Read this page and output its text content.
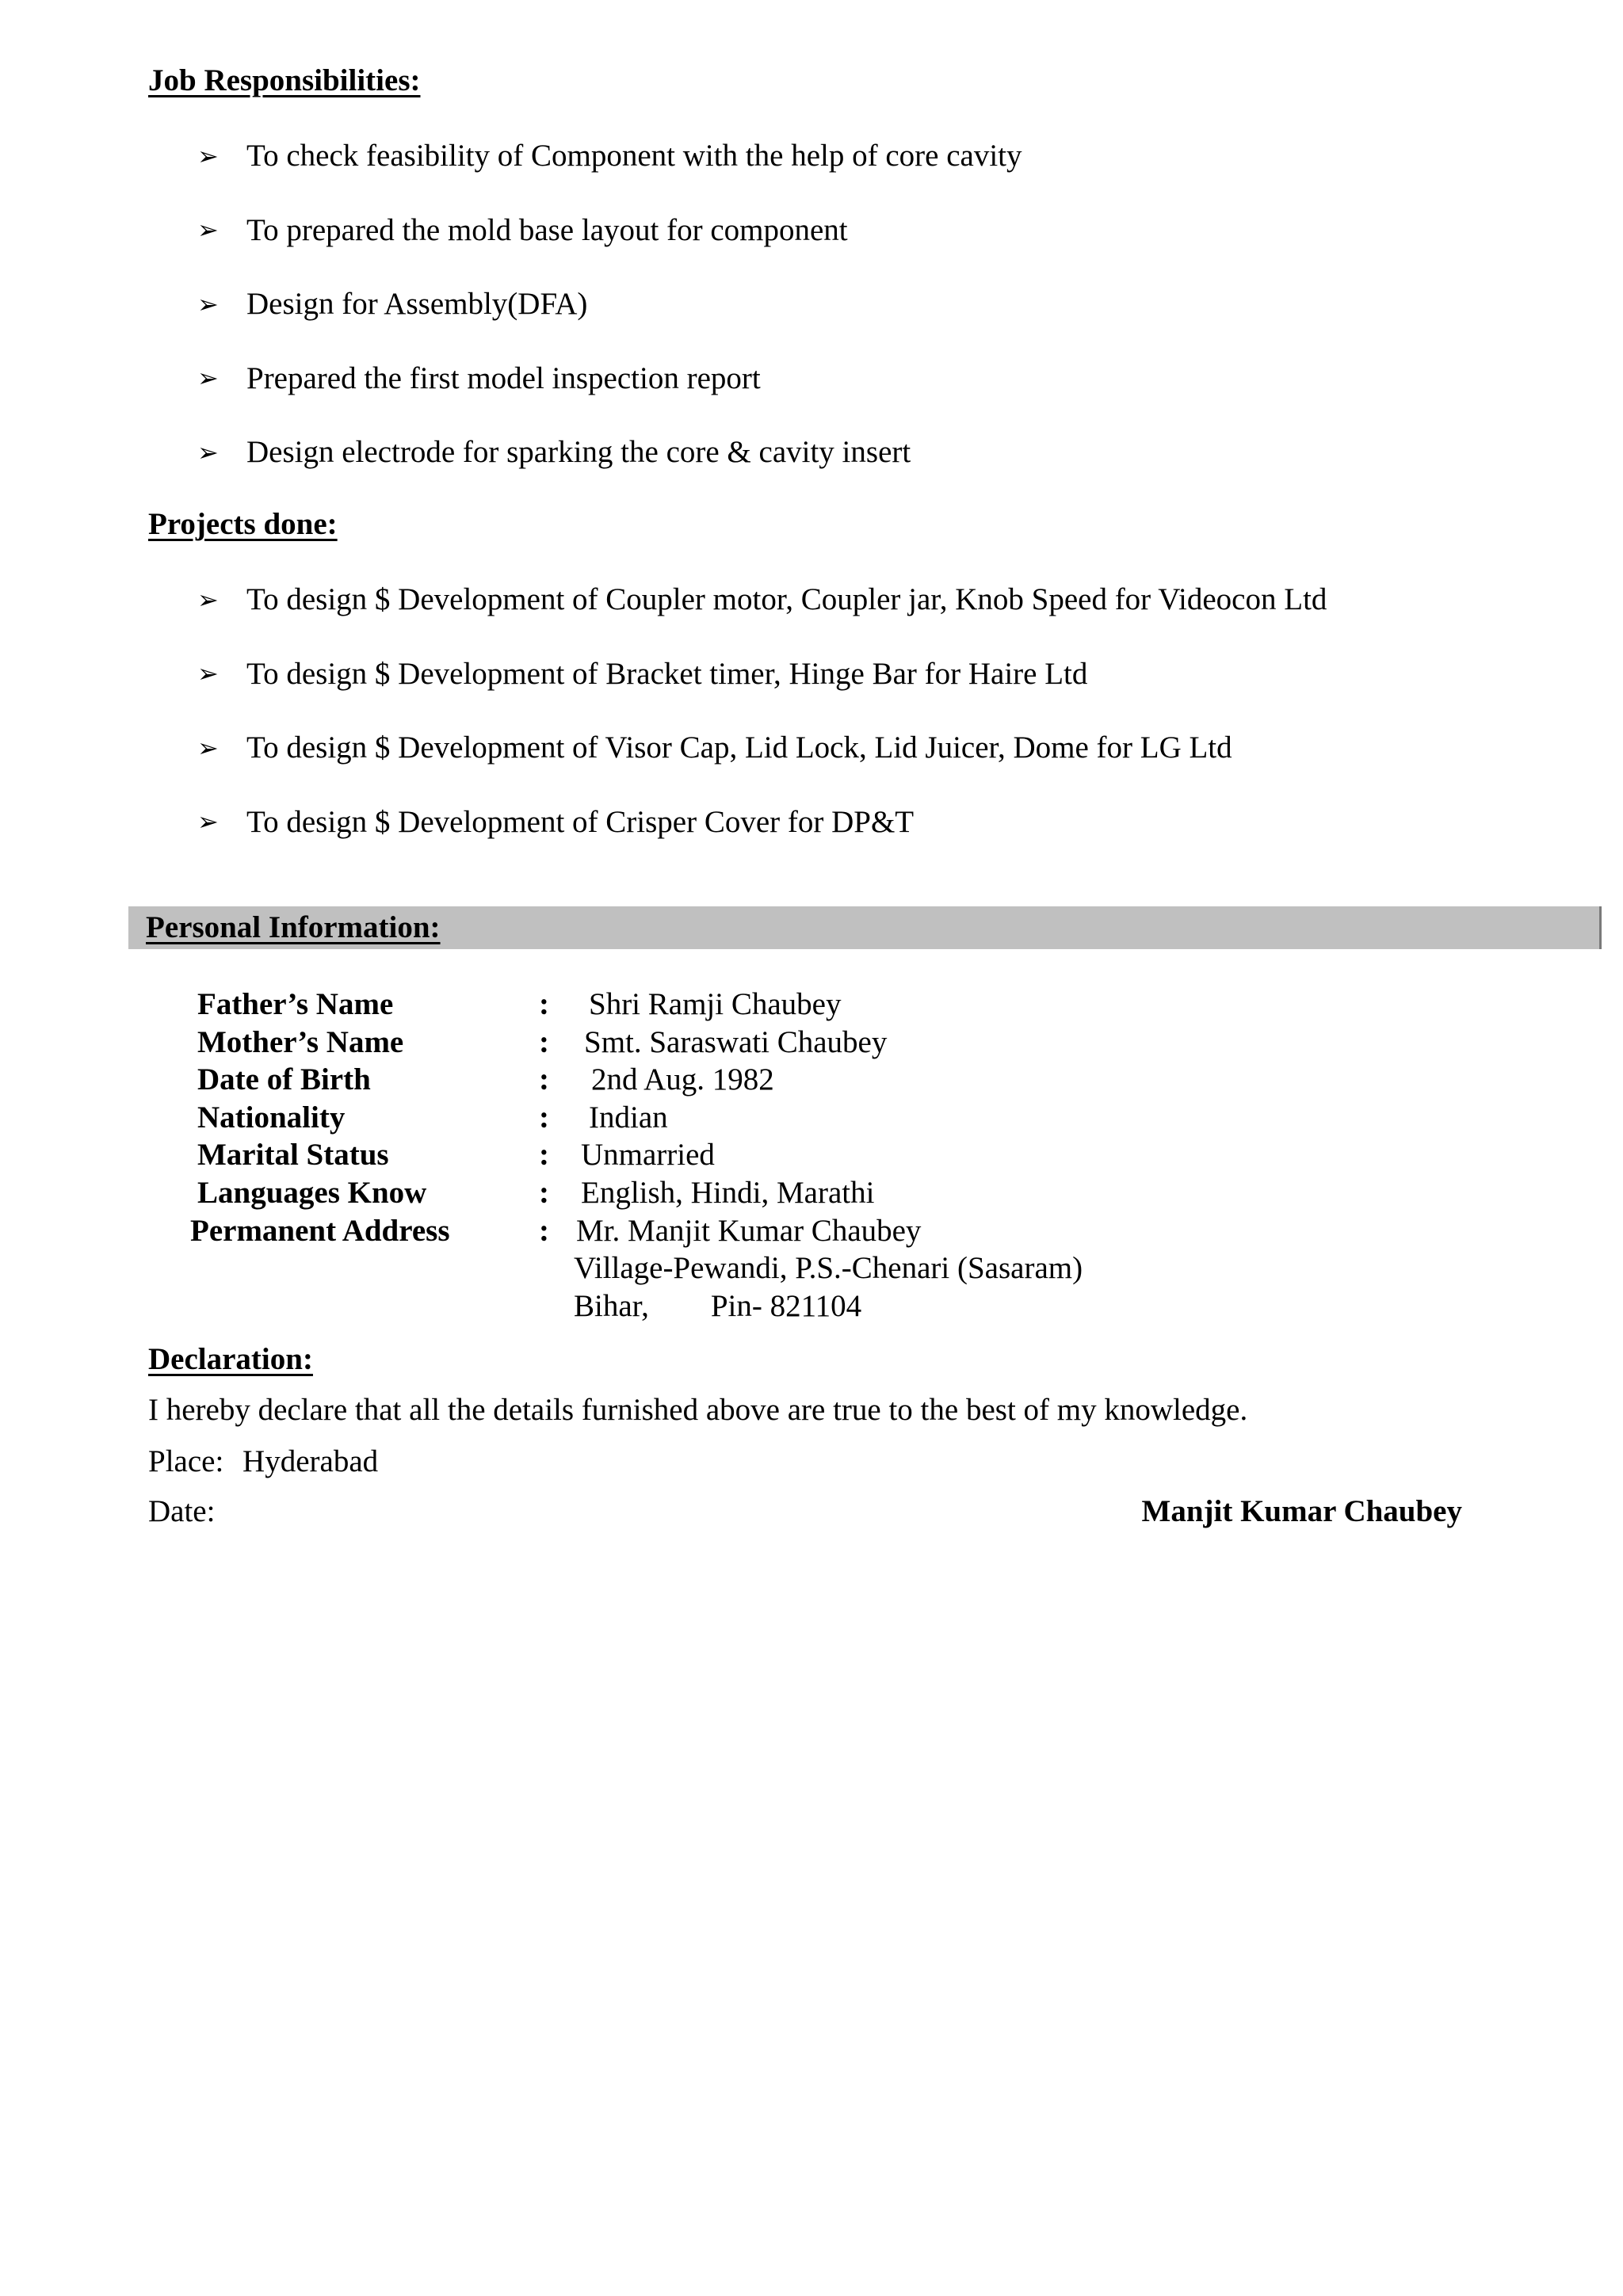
Job Responsibilities:
➢ To check feasibility of Component with the help of core cavity
➢ To prepared the mold base layout for component
➢ Design for Assembly(DFA)
➢ Prepared the first model inspection report
➢ Design electrode for sparking the core & cavity insert
Projects done:
➢ To design $ Development of Coupler motor, Coupler jar, Knob Speed for Videocon Ltd
➢ To design $ Development of Bracket timer, Hinge Bar for Haire Ltd
➢ To design $ Development of Visor Cap, Lid Lock, Lid Juicer, Dome for LG Ltd
➢ To design $ Development of Crisper Cover for DP&T
Personal Information:
Father’s Name	: Shri Ramji Chaubey
Mother’s Name	: Smt. Saraswati Chaubey
Date of Birth	: 2nd Aug. 1982
Nationality	: Indian
Marital Status	: Unmarried
Languages Know	: English, Hindi, Marathi
Permanent Address	: Mr. Manjit Kumar Chaubey
Village-Pewandi, P.S.-Chenari (Sasaram)
Bihar,        Pin- 821104
Declaration:
I hereby declare that all the details furnished above are true to the best of my knowledge.
Place: Hyderabad
Date:	Manjit Kumar Chaubey
